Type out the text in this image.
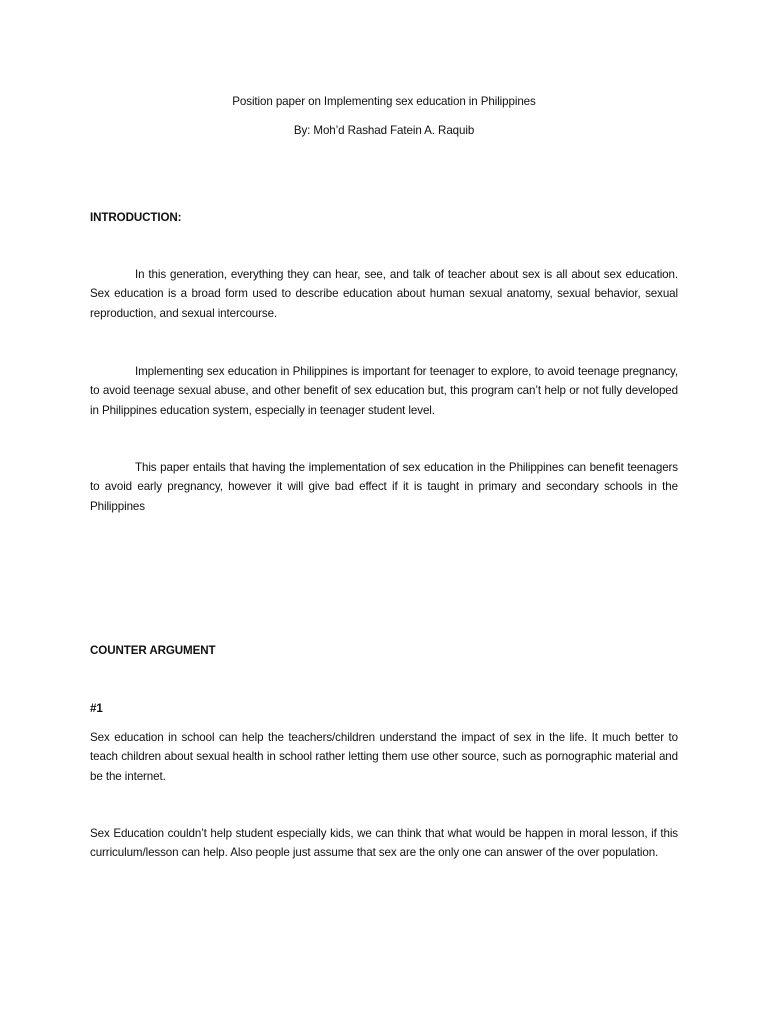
Position paper on Implementing sex education in Philippines
By: Moh’d Rashad Fatein A. Raquib
INTRODUCTION:
In this generation, everything they can hear, see, and talk of teacher about sex is all about sex education. Sex education is a broad form used to describe education about human sexual anatomy, sexual behavior, sexual reproduction, and sexual intercourse.
Implementing sex education in Philippines is important for teenager to explore, to avoid teenage pregnancy, to avoid teenage sexual abuse, and other benefit of sex education but, this program can’t help or not fully developed in Philippines education system, especially in teenager student level.
This paper entails that having the implementation of sex education in the Philippines can benefit teenagers to avoid early pregnancy, however it will give bad effect if it is taught in primary and secondary schools in the Philippines
COUNTER ARGUMENT
#1
Sex education in school can help the teachers/children understand the impact of sex in the life. It much better to teach children about sexual health in school rather letting them use other source, such as pornographic material and be the internet.
Sex Education couldn’t help student especially kids, we can think that what would be happen in moral lesson, if this curriculum/lesson can help. Also people just assume that sex are the only one can answer of the over population.
